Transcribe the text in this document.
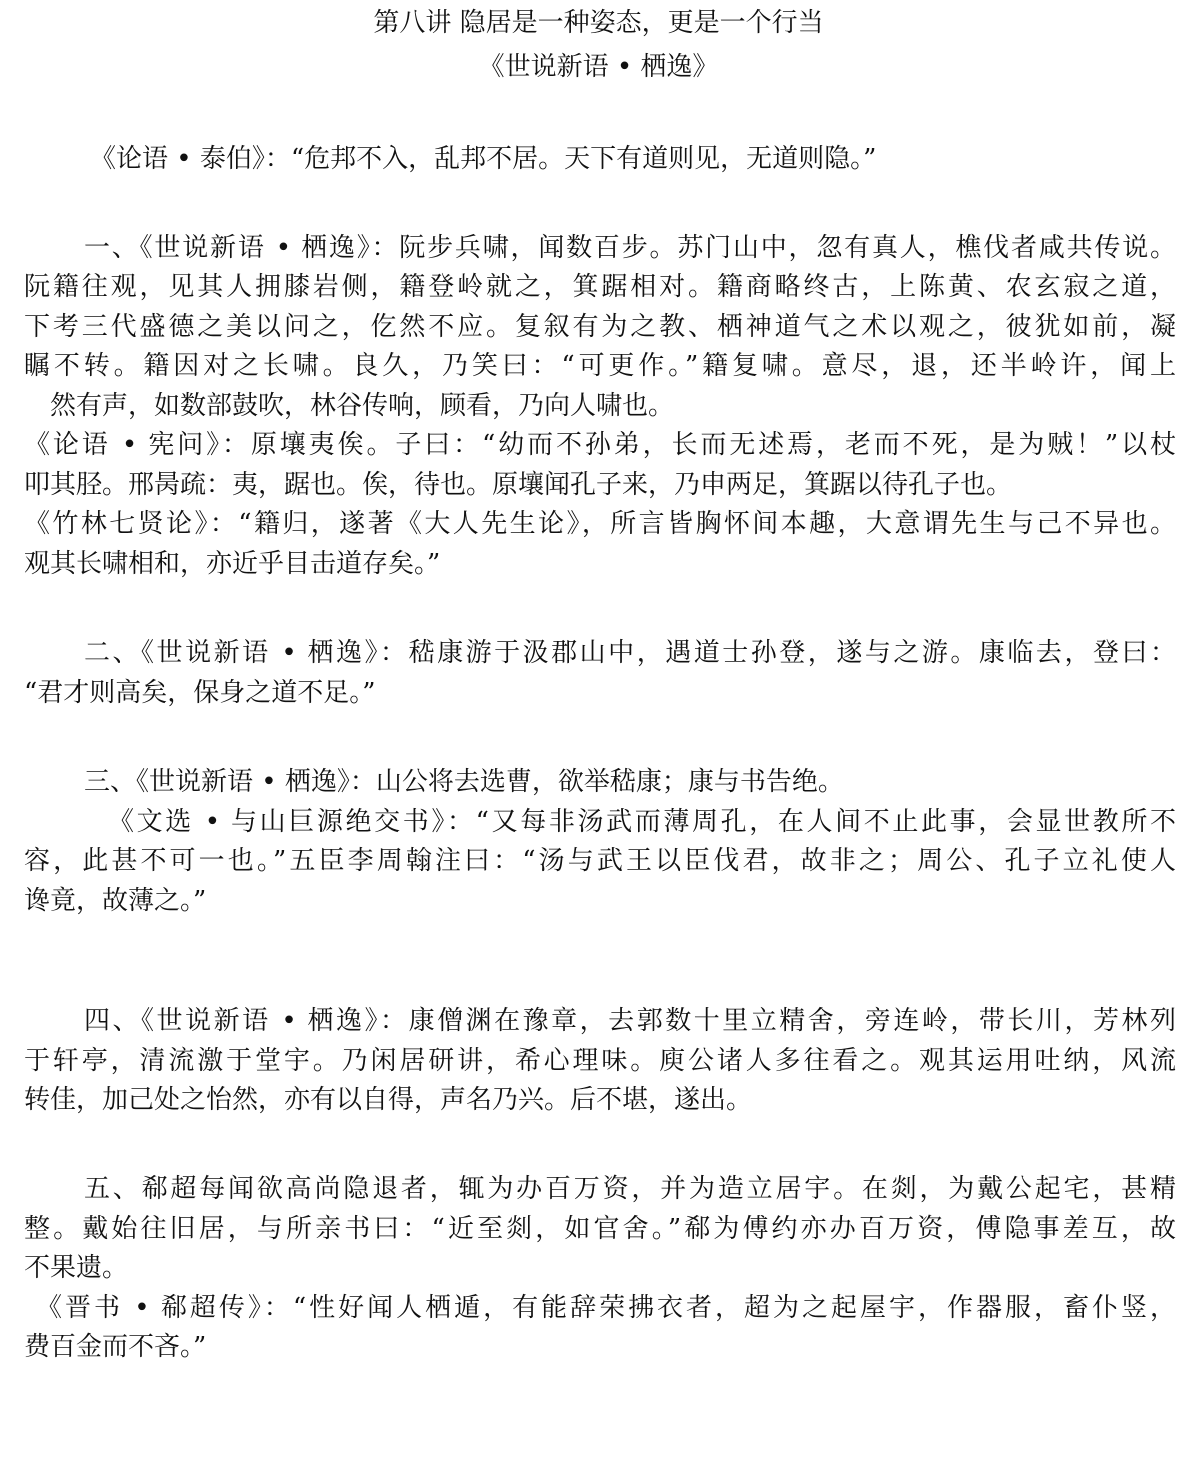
第八讲 隐居是一种姿态，更是一个行当
《世说新语 • 栖逸》
《论语 • 泰伯》：“危邦不入，乱邦不居。天下有道则见，无道则隐。”
一、《世说新语 • 栖逸》：阮步兵啸，闻数百步。苏门山中，忽有真人，樵伐者咸共传说。
阮籍往观，见其人拥膝岩侧，籍登岭就之，箕踞相对。籍商略终古，上陈黄、农玄寂之道，
下考三代盛德之美以问之，仡然不应。复叙有为之教、栖神道气之术以观之，彼犹如前，凝
瞩不转。籍因对之长啸。良久，乃笑曰：“可更作。”籍复啸。意尽，退，还半岭许，闻上
然有声，如数部鼓吹，林谷传响，顾看，乃向人啸也。
《论语 • 宪问》：原壤夷俟。子曰：“幼而不孙弟，长而无述焉，老而不死，是为贼！”以杖
叩其胫。邢昺疏：夷，踞也。俟，待也。原壤闻孔子来，乃申两足，箕踞以待孔子也。
《竹林七贤论》：“籍归，遂著《大人先生论》，所言皆胸怀间本趣，大意谓先生与己不异也。
观其长啸相和，亦近乎目击道存矣。”
二、《世说新语 • 栖逸》：嵇康游于汲郡山中，遇道士孙登，遂与之游。康临去，登曰：
“君才则高矣，保身之道不足。”
三、《世说新语 • 栖逸》：山公将去选曹，欲举嵇康；康与书告绝。
《文选 • 与山巨源绝交书》：“又每非汤武而薄周孔，在人间不止此事，会显世教所不
容，此甚不可一也。”五臣李周翰注曰：“汤与武王以臣伐君，故非之；周公、孔子立礼使人
谗竟，故薄之。”
四、《世说新语 • 栖逸》：康僧渊在豫章，去郭数十里立精舍，旁连岭，带长川，芳林列
于轩亭，清流激于堂宇。乃闲居研讲，希心理味。庾公诸人多往看之。观其运用吐纳，风流
转佳，加己处之怡然，亦有以自得，声名乃兴。后不堪，遂出。
五、郗超每闻欲高尚隐退者，辄为办百万资，并为造立居宇。在剡，为戴公起宅，甚精
整。戴始往旧居，与所亲书曰：“近至剡，如官舍。”郗为傅约亦办百万资，傅隐事差互，故
不果遗。
《晋书 • 郗超传》：“性好闻人栖遁，有能辞荣拂衣者，超为之起屋宇，作器服，畜仆竖，
费百金而不吝。”
